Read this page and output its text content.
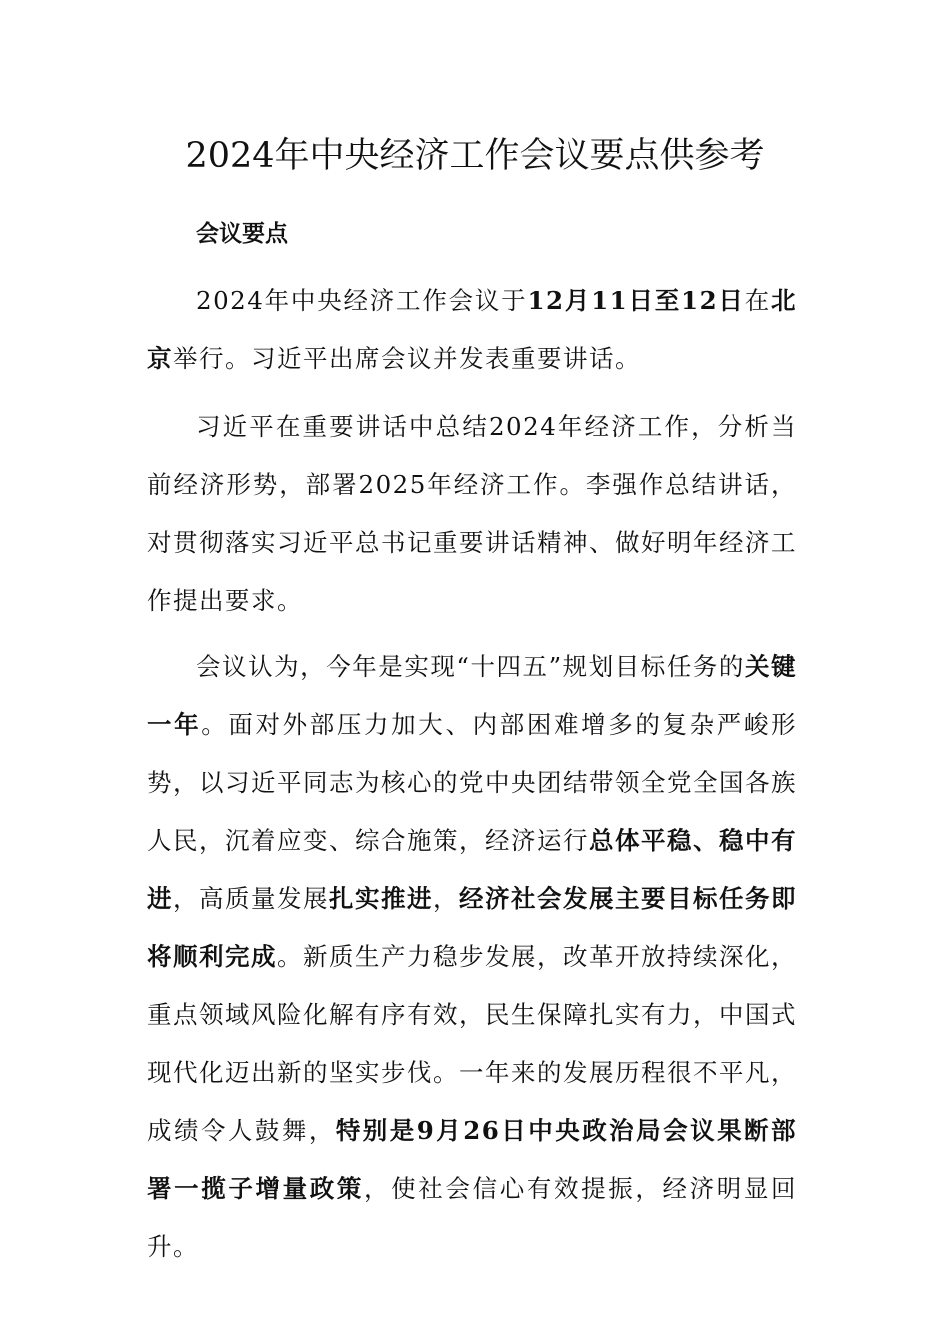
2024年中央经济工作会议要点供参考
会议要点

2024年中央经济工作会议于12月11日至12日在北京举行。习近平出席会议并发表重要讲话。

习近平在重要讲话中总结2024年经济工作，分析当前经济形势，部署2025年经济工作。李强作总结讲话，对贯彻落实习近平总书记重要讲话精神、做好明年经济工作提出要求。

会议认为，今年是实现“十四五”规划目标任务的关键一年。面对外部压力加大、内部困难增多的复杂严峻形势，以习近平同志为核心的党中央团结带领全党全国各族人民，沉着应变、综合施策，经济运行总体平稳、稳中有进，高质量发展扎实推进，经济社会发展主要目标任务即将顺利完成。新质生产力稳步发展，改革开放持续深化，重点领域风险化解有序有效，民生保障扎实有力，中国式现代化迈出新的坚实步伐。一年来的发展历程很不平凡，成绩令人鼓舞，特别是9月26日中央政治局会议果断部署一揽子增量政策，使社会信心有效提振，经济明显回升。
